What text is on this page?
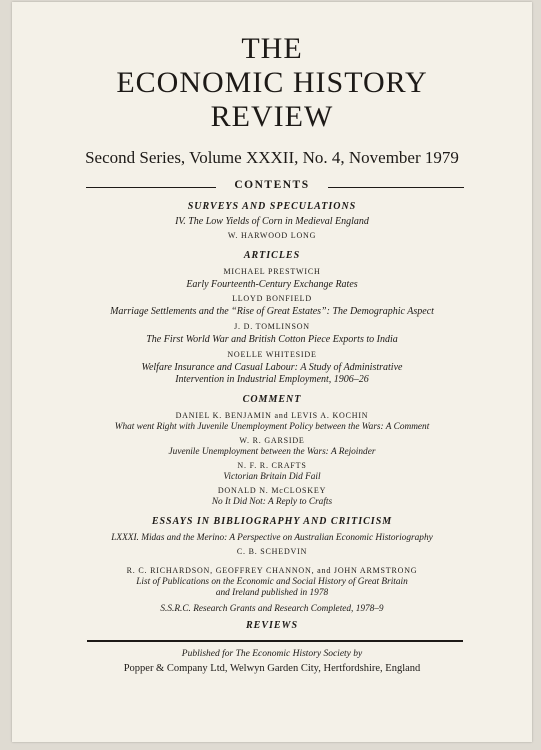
THE
ECONOMIC HISTORY
REVIEW
Second Series, Volume XXXII, No. 4, November 1979
CONTENTS
SURVEYS AND SPECULATIONS
IV. The Low Yields of Corn in Medieval England
W. HARWOOD LONG
ARTICLES
MICHAEL PRESTWICH
Early Fourteenth-Century Exchange Rates
LLOYD BONFIELD
Marriage Settlements and the “Rise of Great Estates”: The Demographic Aspect
J. D. TOMLINSON
The First World War and British Cotton Piece Exports to India
NOELLE WHITESIDE
Welfare Insurance and Casual Labour: A Study of Administrative
Intervention in Industrial Employment, 1906–26
COMMENT
DANIEL K. BENJAMIN and LEVIS A. KOCHIN
What went Right with Juvenile Unemployment Policy between the Wars: A Comment
W. R. GARSIDE
Juvenile Unemployment between the Wars: A Rejoinder
N. F. R. CRAFTS
Victorian Britain Did Fail
DONALD N. McCLOSKEY
No It Did Not: A Reply to Crafts
ESSAYS IN BIBLIOGRAPHY AND CRITICISM
LXXXI. Midas and the Merino: A Perspective on Australian Economic Historiography
C. B. SCHEDVIN
R. C. RICHARDSON, GEOFFREY CHANNON, and JOHN ARMSTRONG
List of Publications on the Economic and Social History of Great Britain
and Ireland published in 1978
S.S.R.C. Research Grants and Research Completed, 1978–9
REVIEWS
Published for The Economic History Society by
Popper & Company Ltd, Welwyn Garden City, Hertfordshire, England
